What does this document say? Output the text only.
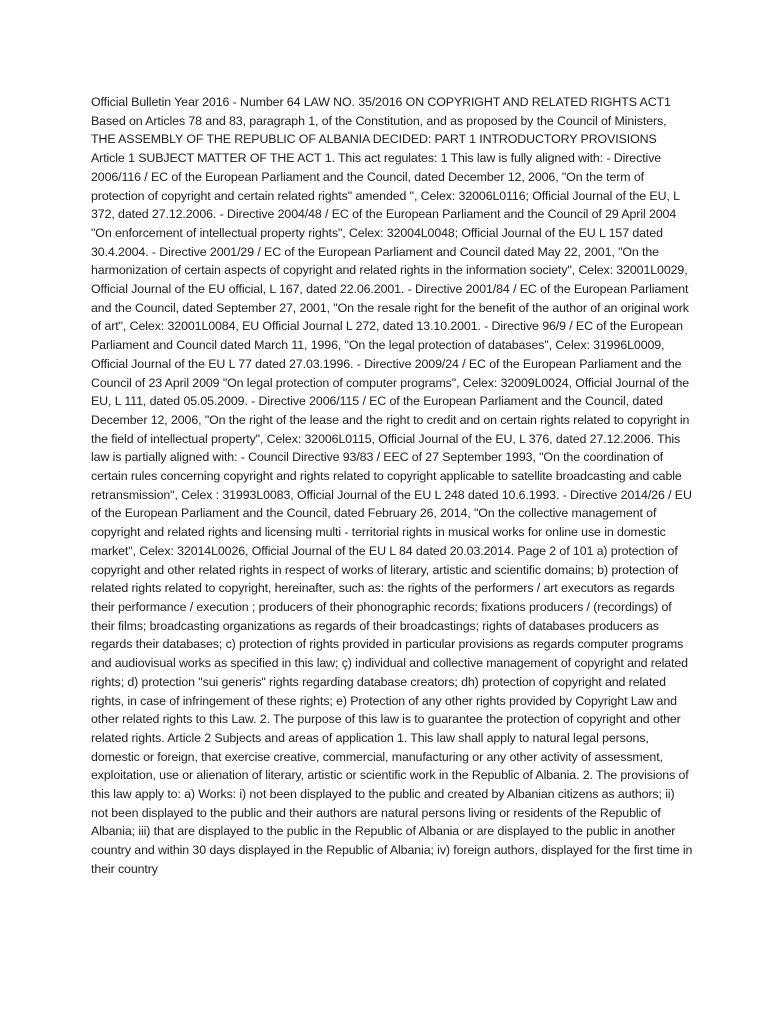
Official Bulletin Year 2016 - Number 64 LAW NO. 35/2016 ON COPYRIGHT AND RELATED RIGHTS ACT1 Based on Articles 78 and 83, paragraph 1, of the Constitution, and as proposed by the Council of Ministers, THE ASSEMBLY OF THE REPUBLIC OF ALBANIA DECIDED: PART 1 INTRODUCTORY PROVISIONS Article 1 SUBJECT MATTER OF THE ACT 1. This act regulates: 1 This law is fully aligned with: - Directive 2006/116 / EC of the European Parliament and the Council, dated December 12, 2006, "On the term of protection of copyright and certain related rights" amended ", Celex: 32006L0116; Official Journal of the EU, L 372, dated 27.12.2006. - Directive 2004/48 / EC of the European Parliament and the Council of 29 April 2004 "On enforcement of intellectual property rights", Celex: 32004L0048; Official Journal of the EU L 157 dated 30.4.2004. - Directive 2001/29 / EC of the European Parliament and Council dated May 22, 2001, "On the harmonization of certain aspects of copyright and related rights in the information society", Celex: 32001L0029, Official Journal of the EU official, L 167, dated 22.06.2001. - Directive 2001/84 / EC of the European Parliament and the Council, dated September 27, 2001, "On the resale right for the benefit of the author of an original work of art", Celex: 32001L0084, EU Official Journal L 272, dated 13.10.2001. - Directive 96/9 / EC of the European Parliament and Council dated March 11, 1996, "On the legal protection of databases", Celex: 31996L0009, Official Journal of the EU L 77 dated 27.03.1996. - Directive 2009/24 / EC of the European Parliament and the Council of 23 April 2009 "On legal protection of computer programs", Celex: 32009L0024, Official Journal of the EU, L 111, dated 05.05.2009. - Directive 2006/115 / EC of the European Parliament and the Council, dated December 12, 2006, "On the right of the lease and the right to credit and on certain rights related to copyright in the field of intellectual property", Celex: 32006L0115, Official Journal of the EU, L 376, dated 27.12.2006. This law is partially aligned with: - Council Directive 93/83 / EEC of 27 September 1993, "On the coordination of certain rules concerning copyright and rights related to copyright applicable to satellite broadcasting and cable retransmission", Celex : 31993L0083, Official Journal of the EU L 248 dated 10.6.1993. - Directive 2014/26 / EU of the European Parliament and the Council, dated February 26, 2014, "On the collective management of copyright and related rights and licensing multi - territorial rights in musical works for online use in domestic market", Celex: 32014L0026, Official Journal of the EU L 84 dated 20.03.2014. Page 2 of 101 a) protection of copyright and other related rights in respect of works of literary, artistic and scientific domains; b) protection of related rights related to copyright, hereinafter, such as: the rights of the performers / art executors as regards their performance / execution ; producers of their phonographic records; fixations producers / (recordings) of their films; broadcasting organizations as regards of their broadcastings; rights of databases producers as regards their databases; c) protection of rights provided in particular provisions as regards computer programs and audiovisual works as specified in this law; ç) individual and collective management of copyright and related rights; d) protection "sui generis" rights regarding database creators; dh) protection of copyright and related rights, in case of infringement of these rights; e) Protection of any other rights provided by Copyright Law and other related rights to this Law. 2. The purpose of this law is to guarantee the protection of copyright and other related rights. Article 2 Subjects and areas of application 1. This law shall apply to natural legal persons, domestic or foreign, that exercise creative, commercial, manufacturing or any other activity of assessment, exploitation, use or alienation of literary, artistic or scientific work in the Republic of Albania. 2. The provisions of this law apply to: a) Works: i) not been displayed to the public and created by Albanian citizens as authors; ii) not been displayed to the public and their authors are natural persons living or residents of the Republic of Albania; iii) that are displayed to the public in the Republic of Albania or are displayed to the public in another country and within 30 days displayed in the Republic of Albania; iv) foreign authors, displayed for the first time in their country
